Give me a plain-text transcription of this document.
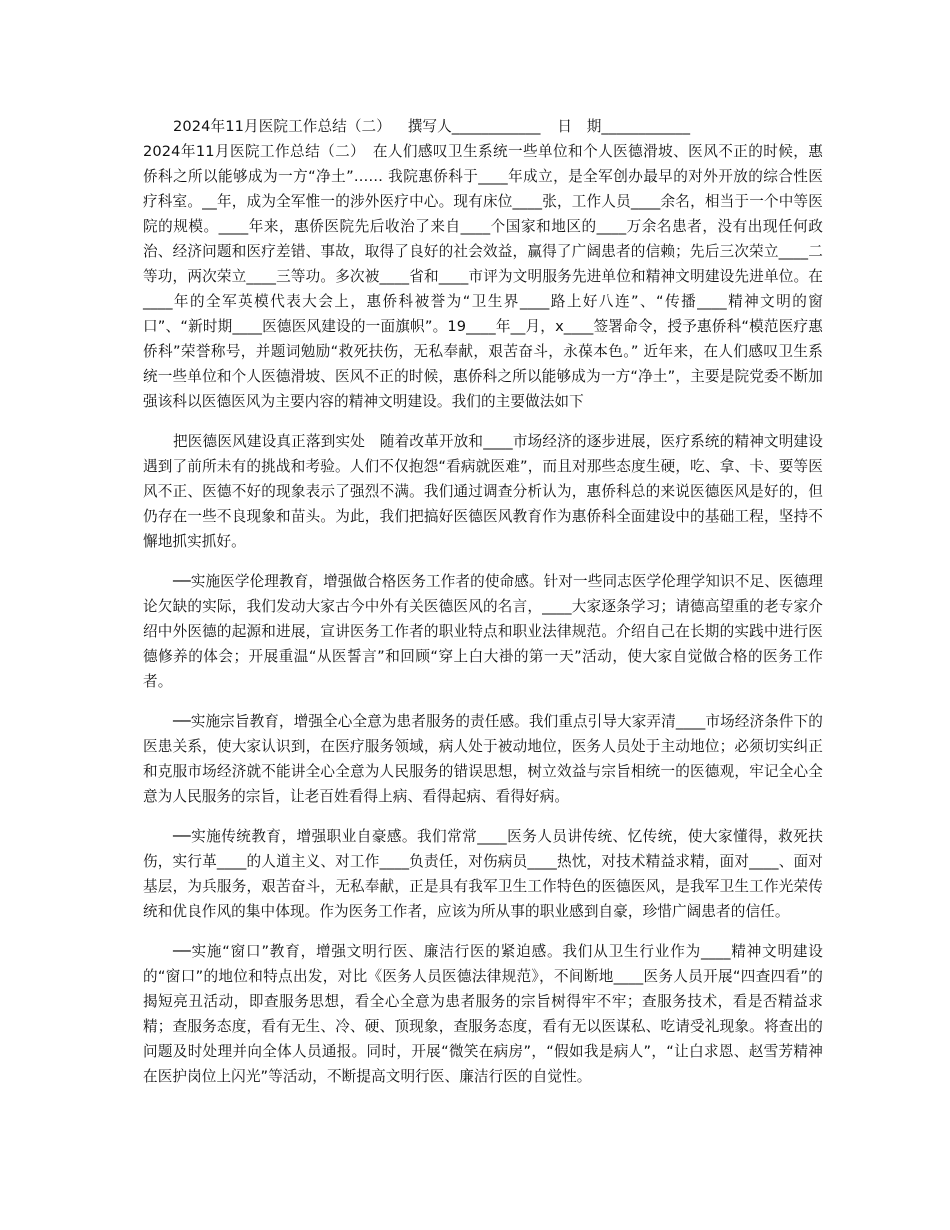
2024年11月医院工作总结（二） 撰写人____________ 日　期____________

2024年11月医院工作总结（二）　在人们感叹卫生系统一些单位和个人医德滑坡、医风不正的时候，惠侨科之所以能够成为一方“净土”…… 我院惠侨科于____年成立，是全军创办最早的对外开放的综合性医疗科室。__年，成为全军惟一的涉外医疗中心。现有床位____张，工作人员____余名，相当于一个中等医院的规模。____年来，惠侨医院先后收治了来自____个国家和地区的____万余名患者，没有出现任何政治、经济问题和医疗差错、事故，取得了良好的社会效益，赢得了广阔患者的信赖；先后三次荣立____二等功，两次荣立____三等功。多次被____省和____市评为文明服务先进单位和精神文明建设先进单位。在____年的全军英模代表大会上，惠侨科被誉为“卫生界____路上好八连”、“传播____精神文明的窗口”、“新时期____医德医风建设的一面旗帜”。19____年__月，x____签署命令，授予惠侨科“模范医疗惠侨科”荣誉称号，并题词勉励“救死扶伤，无私奉献，艰苦奋斗，永葆本色。” 近年来，在人们感叹卫生系统一些单位和个人医德滑坡、医风不正的时候，惠侨科之所以能够成为一方“净土”，主要是院党委不断加强该科以医德医风为主要内容的精神文明建设。我们的主要做法如下

把医德医风建设真正落到实处　随着改革开放和____市场经济的逐步进展，医疗系统的精神文明建设遇到了前所未有的挑战和考验。人们不仅抱怨“看病就医难”，而且对那些态度生硬，吃、拿、卡、要等医风不正、医德不好的现象表示了强烈不满。我们通过调查分析认为，惠侨科总的来说医德医风是好的，但仍存在一些不良现象和苗头。为此，我们把搞好医德医风教育作为惠侨科全面建设中的基础工程，坚持不懈地抓实抓好。

──实施医学伦理教育，增强做合格医务工作者的使命感。针对一些同志医学伦理学知识不足、医德理论欠缺的实际，我们发动大家古今中外有关医德医风的名言，____大家逐条学习；请德高望重的老专家介绍中外医德的起源和进展，宣讲医务工作者的职业特点和职业法律规范。介绍自己在长期的实践中进行医德修养的体会；开展重温“从医誓言”和回顾“穿上白大褂的第一天”活动，使大家自觉做合格的医务工作者。

──实施宗旨教育，增强全心全意为患者服务的责任感。我们重点引导大家弄清____市场经济条件下的医患关系，使大家认识到，在医疗服务领域，病人处于被动地位，医务人员处于主动地位；必须切实纠正和克服市场经济就不能讲全心全意为人民服务的错误思想，树立效益与宗旨相统一的医德观，牢记全心全意为人民服务的宗旨，让老百姓看得上病、看得起病、看得好病。

──实施传统教育，增强职业自豪感。我们常常____医务人员讲传统、忆传统，使大家懂得，救死扶伤，实行革____的人道主义、对工作____负责任，对伤病员____热忱，对技术精益求精，面对____、面对基层，为兵服务，艰苦奋斗，无私奉献，正是具有我军卫生工作特色的医德医风，是我军卫生工作光荣传统和优良作风的集中体现。作为医务工作者，应该为所从事的职业感到自豪，珍惜广阔患者的信任。

──实施“窗口”教育，增强文明行医、廉洁行医的紧迫感。我们从卫生行业作为____精神文明建设的“窗口”的地位和特点出发，对比《医务人员医德法律规范》，不间断地____医务人员开展“四查四看”的揭短亮丑活动，即查服务思想，看全心全意为患者服务的宗旨树得牢不牢；查服务技术，看是否精益求精；查服务态度，看有无生、冷、硬、顶现象，查服务态度，看有无以医谋私、吃请受礼现象。将查出的问题及时处理并向全体人员通报。同时，开展“微笑在病房”，“假如我是病人”，“让白求恩、赵雪芳精神在医护岗位上闪光”等活动，不断提高文明行医、廉洁行医的自觉性。
